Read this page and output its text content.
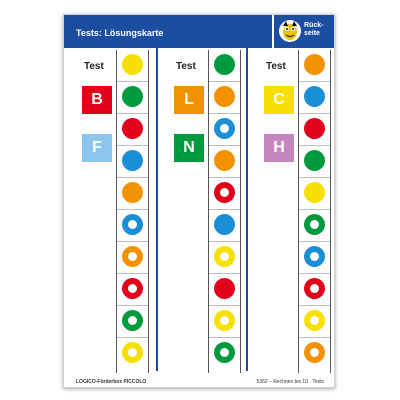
Tests: Lösungskarte
Rück-
seite
Test
B
F
Test
L
N
Test
C
H
LOGICO-Förderbox PICCOLO	5362 – Rechnen bis 10 · Tests
